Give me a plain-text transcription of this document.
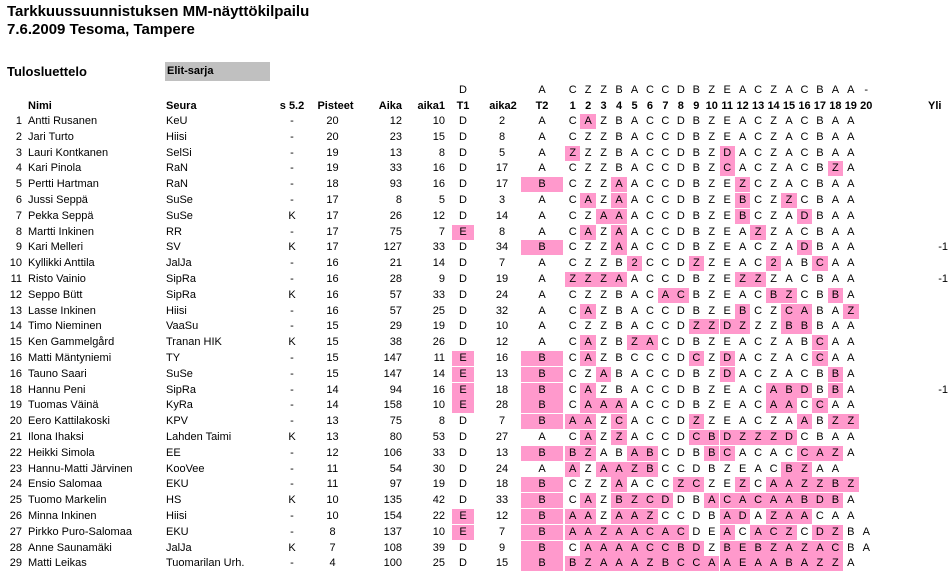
Tarkkuussuunnistuksen MM-näyttökilpailu
7.6.2009 Tesoma, Tampere
Tulosluettelo	Elit-sarja
D	A	C Z Z B A C C D B Z E A C Z A C B A A -
Nimi	Seura	s 5.2 Pisteet	Aika	aika1	T1	aika2	T2	1 2 3 4 5 6 7 8 9 10 11 12 13 14 15 16 17 18 19 20	Yli
1 Antti Rusanen	KeU	-	20	12	10	D	2	A	C A Z B A C C D B Z E A C Z A C B A A
2 Jari Turto	Hiisi	-	20	23	15	D	8	A	C Z Z B A C C D B Z E A C Z A C B A A
3 Lauri Kontkanen	SelSi	-	19	13	8	D	5	A	Z Z Z B A C C D B Z D A C Z A C B A A
4 Kari Pinola	RaN	-	19	33	16	D	17	A	C Z Z B A C C D B Z C A C Z A C B Z A
5 Pertti Hartman	RaN	-	18	93	16	D	17	B	C Z Z A A C C D B Z E Z C Z A C B A A
6 Jussi Seppä	SuSe	-	17	8	5	D	3	A	C A Z A A C C D B Z E B C Z Z C B A A
7 Pekka Seppä	SuSe	K	17	26	12	D	14	A	C Z A A A C C D B Z E B C Z A D B A A
8 Martti Inkinen	RR	-	17	75	7	E	8	A	C A Z A A C C D B Z E A Z Z A C B A A
9 Kari Melleri	SV	K	17	127	33	D	34	B	C Z Z A A C C D B Z E A C Z A D B A A	-1
10 Kyllikki Anttila	JalJa	-	16	21	14	D	7	A	C Z Z B 2 C C D Z Z E A C 2 A B C A A
11 Risto Vainio	SipRa	-	16	28	9	D	19	A	Z Z Z A A C C D B Z E Z Z Z A C B A A	-1
12 Seppo Bütt	SipRa	K	16	57	33	D	24	A	C Z Z B A C A C B Z E A C B Z C B B A
13 Lasse Inkinen	Hiisi	-	16	57	25	D	32	A	C A Z B A C C D B Z E B C Z C A B A Z
14 Timo Nieminen	VaaSu	-	15	29	19	D	10	A	C Z Z B A C C D Z Z D Z Z Z B B B A A
15 Ken Gammelgård	Tranan HIK	K	15	38	26	D	12	A	C A Z B Z A C D B Z E A C Z A B C A A
16 Matti Mäntyniemi	TY	-	15	147	11	E	16	B	C A Z B C C C D C Z D A C Z A C C A A
16 Tauno Saari	SuSe	-	15	147	14	E	13	B	C Z A B A C C D B Z D A C Z A C B B A
18 Hannu Peni	SipRa	-	14	94	16	E	18	B	C A Z B A C C D B Z E A C A B D B B A	-1
19 Tuomas Väinä	KyRa	-	14	158	10	E	28	B	C A A A A C C D B Z E A C A A C C A A
20 Eero Kattilakoski	KPV	-	13	75	8	D	7	B	A A Z C A C C D Z Z E A C Z A A B Z Z
21 Ilona Ihaksi	Lahden Taimi	K	13	80	53	D	27	A	C A Z Z A C C D C B D Z Z Z D C B A A
22 Heikki Simola	EE	-	12	106	33	D	13	B	B Z A B A B C D B B C A C A C C A Z A
23 Hannu-Matti Järvinen	KooVee	-	11	54	30	D	24	A	A Z A A Z B C C D B Z E A C B Z A A
24 Ensio Salomaa	EKU	-	11	97	19	D	18	B	C Z Z A A C C Z C Z E Z C A A Z Z B Z
25 Tuomo Markelin	HS	K	10	135	42	D	33	B	C A Z B Z C D D B A C A C A A B D B A
26 Minna Inkinen	Hiisi	-	10	154	22	E	12	B	A A Z A A Z C C D B A D A Z A A C A A
27 Pirkko Puro-Salomaa	EKU	-	8	137	10	E	7	B	A A Z A A C A C D E A C A C Z C D Z B A
28 Anne Saunamäki	JalJa	K	7	108	39	D	9	B	C A A A A C C B D Z B E B Z A Z A C B A
29 Matti Leikas	Tuomarilan Urh.	-	4	100	25	D	15	B	B Z A A A Z B C C A A E A A B A Z Z A
